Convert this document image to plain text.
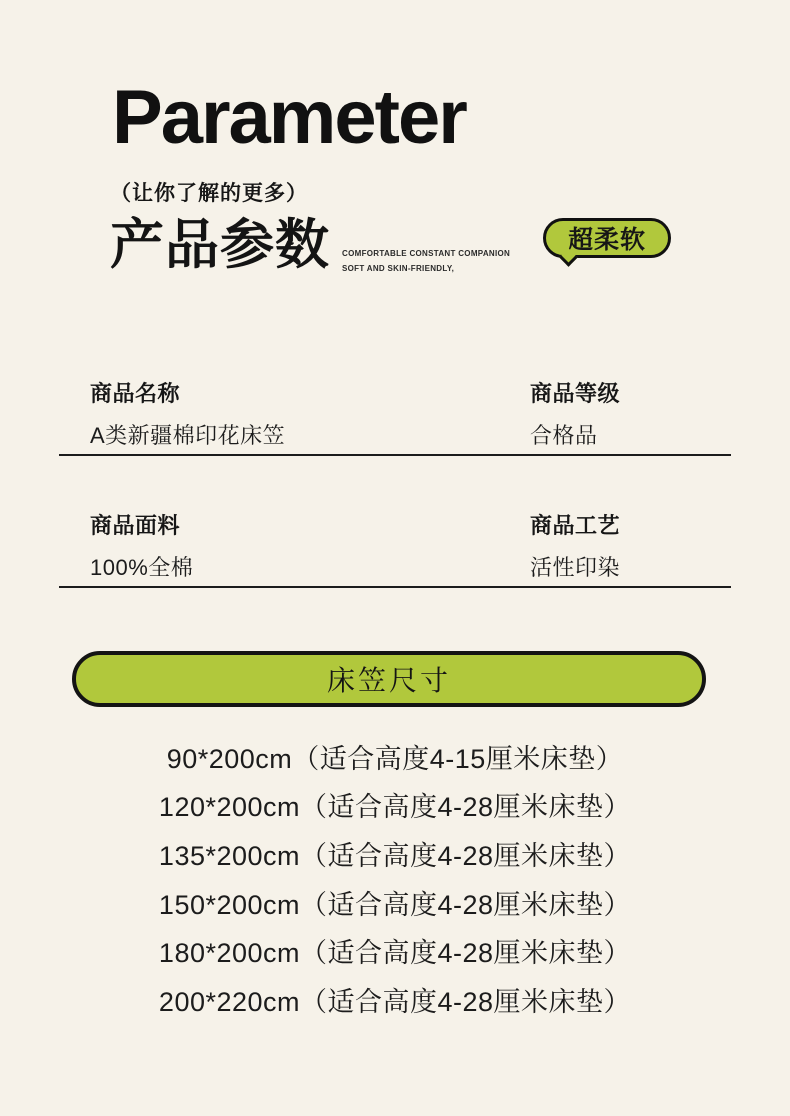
Parameter
（让你了解的更多）
产品参数 COMFORTABLE CONSTANT COMPANION
SOFT AND SKIN-FRIENDLY,
超柔软
商品名称
A类新疆棉印花床笠
商品等级
合格品
商品面料
100%全棉
商品工艺
活性印染
床笠尺寸
90*200cm（适合高度4-15厘米床垫）
120*200cm（适合高度4-28厘米床垫）
135*200cm（适合高度4-28厘米床垫）
150*200cm（适合高度4-28厘米床垫）
180*200cm（适合高度4-28厘米床垫）
200*220cm（适合高度4-28厘米床垫）
